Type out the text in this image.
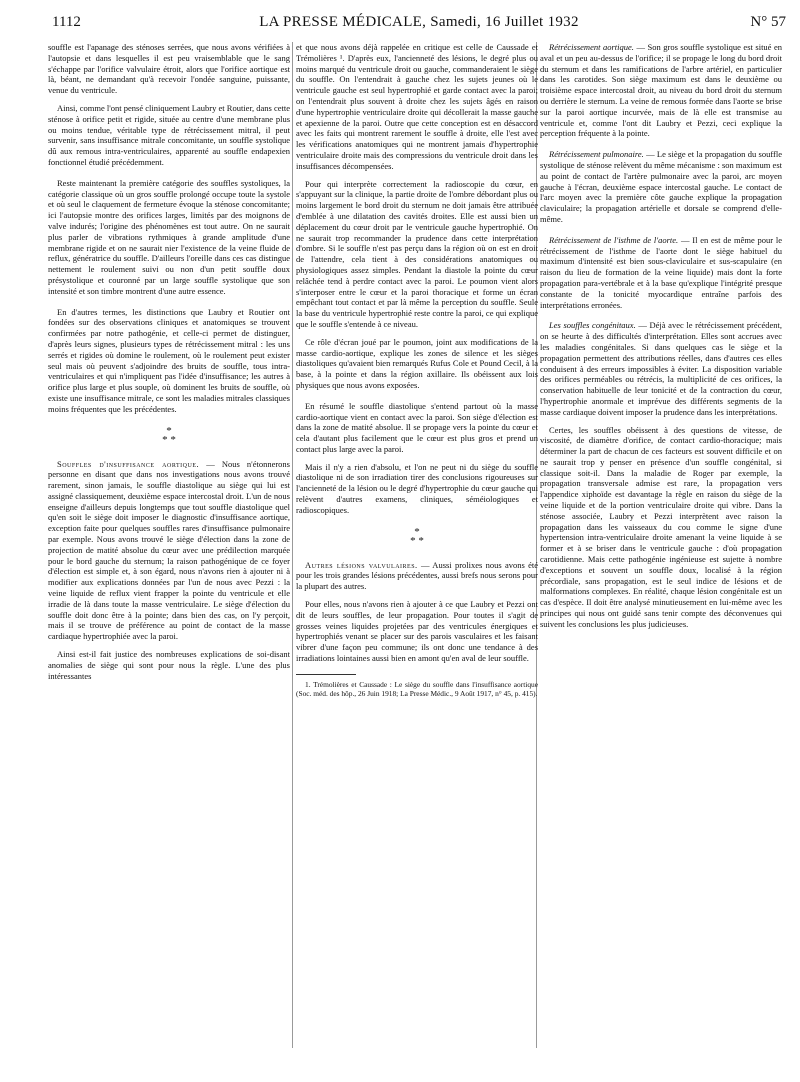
1112	LA PRESSE MÉDICALE, Samedi, 16 Juillet 1932	N° 57

souffle est l'apanage des sténoses serrées, que nous avons vérifiées à l'autopsie et dans lesquelles il est peu vraisemblable que le sang s'échappe par l'orifice valvulaire étroit, alors que l'orifice aortique est là, béant, ne demandant qu'à recevoir l'ondée sanguine, puissante, venue du ventricule.

Ainsi, comme l'ont pensé cliniquement Laubry et Routier, dans cette sténose à orifice petit et rigide, située au centre d'une membrane plus ou moins tendue, véritable type de rétrécissement mitral, il peut survenir, sans insuffisance mitrale concomitante, un souffle systolique dû aux remous intra-ventriculaires, apparenté au souffle endapexien fonctionnel étudié précédemment.

Reste maintenant la première catégorie des souffles systoliques, la catégorie classique où un gros souffle prolongé occupe toute la systole et où seul le claquement de fermeture évoque la sténose concomitante; ici l'autopsie montre des orifices larges, limités par des moignons de valve indurés; l'origine des phénomènes est tout autre. On ne saurait plus parler de vibrations rythmiques à grande amplitude d'une membrane rigide et on ne saurait nier l'existence de la veine fluide de reflux, génératrice du souffle. D'ailleurs l'oreille dans ces cas distingue nettement le roulement suivi ou non d'un petit souffle doux présystolique et couronné par un large souffle systolique que son intensité et son timbre montrent d'une autre essence.

En d'autres termes, les distinctions que Laubry et Routier ont fondées sur des observations cliniques et anatomiques se trouvent confirmées par notre pathogénie, et celle-ci permet de distinguer, d'après leurs signes, plusieurs types de rétrécissement mitral : les uns serrés et rigides où domine le roulement, où le roulement peut exister seul mais où peuvent s'adjoindre des bruits de souffle, tous intra-ventriculaires et qui n'impliquent pas l'idée d'insuffisance; les autres à orifice plus large et plus souple, où dominent les bruits de souffle, où existe une insuffisance mitrale, ce sont les maladies mitrales classiques moins fréquentes que les précédentes.

*
* *

Souffles d'insuffisance aortique. — Nous n'étonnerons personne en disant que dans nos investigations nous avons trouvé rarement, sinon jamais, le souffle diastolique au siège qui lui est assigné classiquement, deuxième espace intercostal droit. L'un de nous enseigne d'ailleurs depuis longtemps que tout souffle diastolique quel qu'en soit le siège doit imposer le diagnostic d'insuffisance aortique, exception faite pour quelques souffles rares d'insuffisance pulmonaire par exemple. Nous avons trouvé le siège d'élection dans la zone de projection de matité absolue du cœur avec une prédilection marquée pour le bord gauche du sternum; la raison pathogénique de ce foyer d'élection est simple et, à son égard, nous n'avons rien à ajouter ni à modifier aux explications données par l'un de nous avec Pezzi : la veine liquide de reflux vient frapper la pointe du ventricule et elle irradie de là dans toute la masse ventriculaire. Le siège d'élection du souffle doit donc être à la pointe; dans bien des cas, on l'y perçoit, mais il se trouve de préférence au point de contact de la masse cardiaque hypertrophiée avec la paroi.

Ainsi est-il fait justice des nombreuses explications de soi-disant anomalies de siège qui sont pour nous la règle. L'une des plus intéressantes

et que nous avons déjà rappelée en critique est celle de Caussade et Trémolières ¹. D'après eux, l'ancienneté des lésions, le degré plus ou moins marqué du ventricule droit ou gauche, commanderaient le siège du souffle. On l'entendrait à gauche chez les sujets jeunes où le ventricule gauche est seul hypertrophié et garde contact avec la paroi; on l'entendrait plus souvent à droite chez les sujets âgés en raison d'une hypertrophie ventriculaire droite qui décollerait la masse gauche et apexienne de la paroi. Outre que cette conception est en désaccord avec les faits qui montrent rarement le souffle à droite, elle l'est avec les vérifications anatomiques qui ne montrent jamais d'hypertrophie ventriculaire droite mais des compressions du ventricule droit dans les insuffisances décompensées.

Pour qui interprète correctement la radioscopie du cœur, en s'appuyant sur la clinique, la partie droite de l'ombre débordant plus ou moins largement le bord droit du sternum ne doit jamais être attribuée d'emblée à une dilatation des cavités droites. Elle est aussi bien un déplacement du cœur droit par le ventricule gauche hypertrophié. On ne saurait trop recommander la prudence dans cette interprétation d'ombre. Si le souffle n'est pas perçu dans la région où on est en droit de l'attendre, cela tient à des considérations anatomiques ou physiologiques assez simples. Pendant la diastole la pointe du cœur relâchée tend à perdre contact avec la paroi. Le poumon vient alors s'interposer entre le cœur et la paroi thoracique et forme un écran empêchant tout contact et par là même la perception du souffle. Seule la base du ventricule hypertrophié reste contre la paroi, ce qui explique que le souffle s'entende à ce niveau.

Ce rôle d'écran joué par le poumon, joint aux modifications de la masse cardio-aortique, explique les zones de silence et les sièges diastoliques qu'avaient bien remarqués Rufus Cole et Pound Cecil, à la base, à la pointe et dans la région axillaire. Ils obéissent aux lois physiques que nous avons exposées.

En résumé le souffle diastolique s'entend partout où la masse cardio-aortique vient en contact avec la paroi. Son siège d'élection est dans la zone de matité absolue. Il se propage vers la pointe du cœur et cela d'autant plus facilement que le cœur est plus gros et prend un contact plus large avec la paroi.

Mais il n'y a rien d'absolu, et l'on ne peut ni du siège du souffle diastolique ni de son irradiation tirer des conclusions rigoureuses sur l'ancienneté de la lésion ou le degré d'hypertrophie du cœur gauche qui relèvent d'autres examens, cliniques, séméiologiques et radioscopiques.

*
* *

Autres lésions valvulaires. — Aussi prolixes nous avons été pour les trois grandes lésions précédentes, aussi brefs nous serons pour la plupart des autres.

Pour elles, nous n'avons rien à ajouter à ce que Laubry et Pezzi ont dit de leurs souffles, de leur propagation. Pour toutes il s'agit de grosses veines liquides projetées par des ventricules énergiques et hypertrophiés venant se placer sur des parois vasculaires et les faisant vibrer d'une façon peu commune; ils ont donc une tendance à des irradiations lointaines aussi bien en amont qu'en aval de leur souffle.

1. Trémolières et Caussade : Le siège du souffle dans l'insuffisance aortique (Soc. méd. des hôp., 26 Juin 1918; La Presse Médic., 9 Août 1917, n° 45, p. 415).

Rétrécissement aortique. — Son gros souffle systolique est situé en aval et un peu au-dessus de l'orifice; il se propage le long du bord droit du sternum et dans les ramifications de l'arbre artériel, en particulier dans les carotides. Son siège maximum est dans le deuxième ou troisième espace intercostal droit, au niveau du bord droit du sternum ou derrière le sternum. La veine de remous formée dans l'aorte se brise sur la paroi aortique incurvée, mais de là elle est transmise au ventricule et, comme l'ont dit Laubry et Pezzi, ceci explique la perception fréquente à la pointe.

Rétrécissement pulmonaire. — Le siège et la propagation du souffle systolique de sténose relèvent du même mécanisme : son maximum est au point de contact de l'artère pulmonaire avec la paroi, arc moyen gauche à l'écran, deuxième espace intercostal gauche. Le contact de l'arc moyen avec la première côte gauche explique la propagation claviculaire; la propagation artérielle et dorsale se comprend d'elle-même.

Rétrécissement de l'isthme de l'aorte. — Il en est de même pour le rétrécissement de l'isthme de l'aorte dont le siège habituel du maximum d'intensité est bien sous-claviculaire et sus-scapulaire (en raison du lieu de formation de la veine liquide) mais dont la forte propagation para-vertébrale et à la base qu'explique l'intégrité presque constante de la tonicité myocardique entraîne parfois des interprétations erronées.

Les souffles congénitaux. — Déjà avec le rétrécissement précédent, on se heurte à des difficultés d'interprétation. Elles sont accrues avec les maladies congénitales. Si dans quelques cas le siège et la propagation permettent des attributions réelles, dans d'autres ces elles conduisent à des erreurs impossibles à éviter. La disposition variable des orifices perméables ou rétrécis, la multiplicité de ces orifices, la conservation habituelle de leur tonicité et de la contraction du cœur, l'hypertrophie anormale et imprévue des différents segments de la masse cardiaque doivent imposer la prudence dans les interprétations.

Certes, les souffles obéissent à des questions de vitesse, de viscosité, de diamètre d'orifice, de contact cardio-thoracique; mais déterminer la part de chacun de ces facteurs est souvent difficile et on ne saurait trop y penser en présence d'un souffle congénital, si classique soit-il. Dans la maladie de Roger par exemple, la propagation transversale admise est rare, la propagation vers l'appendice xiphoïde est davantage la règle en raison du siège de la veine liquide et de la portion ventriculaire droite qui vibre. Dans la sténose associée, Laubry et Pezzi interprètent avec raison la propagation dans les vaisseaux du cou comme le signe d'une hypertension intra-ventriculaire droite amenant la veine liquide à se former et à se briser dans le ventricule gauche : d'où propagation carotidienne. Mais cette pathogénie ingénieuse est sujette à nombre d'exceptions et souvent un souffle doux, localisé à la région précordiale, sans propagation, est le seul indice de lésions et de malformations complexes. En réalité, chaque lésion congénitale est un cas d'espèce. Il doit être analysé minutieusement en lui-même avec les principes qui nous ont guidé sans tenir compte des déconvenues qui suivent les conclusions les plus judicieuses.
